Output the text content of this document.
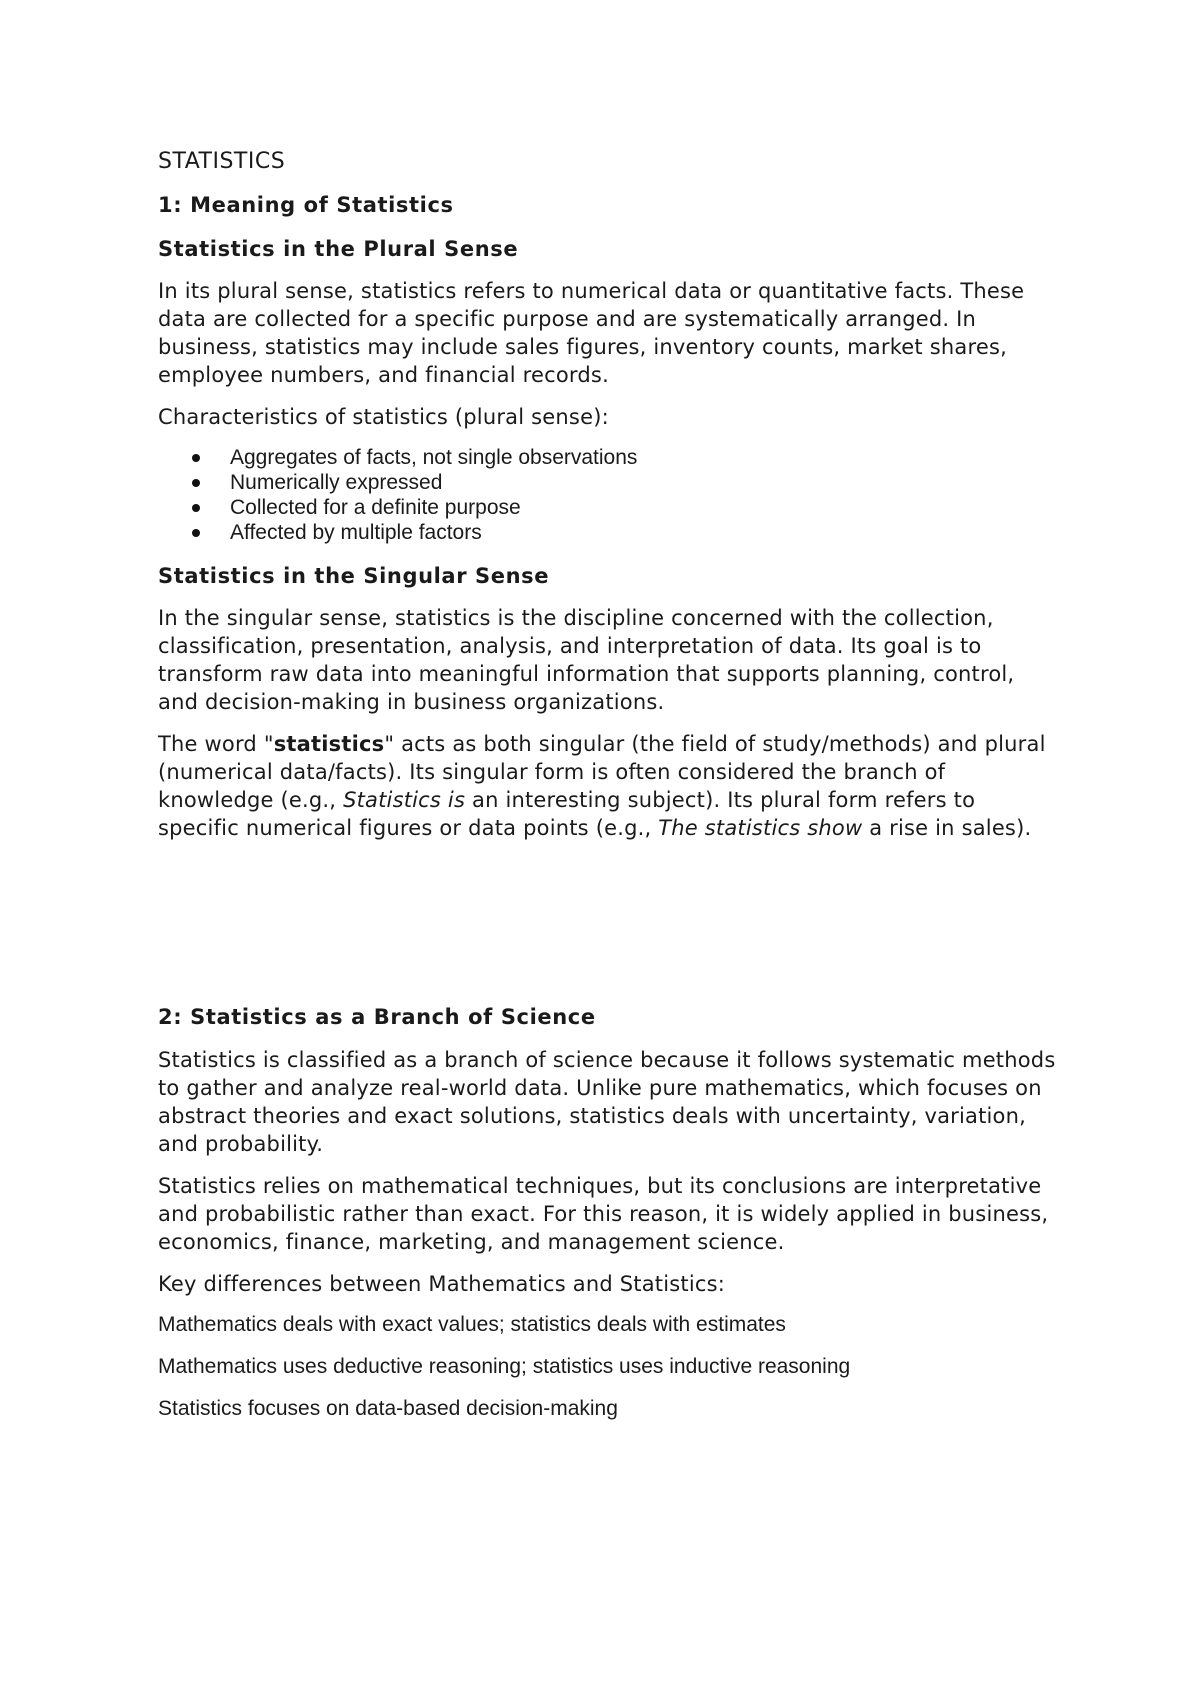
STATISTICS
1: Meaning of Statistics
Statistics in the Plural Sense

In its plural sense, statistics refers to numerical data or quantitative facts. These data are collected for a specific purpose and are systematically arranged. In business, statistics may include sales figures, inventory counts, market shares, employee numbers, and financial records.

Characteristics of statistics (plural sense):

Aggregates of facts, not single observations
Numerically expressed
Collected for a definite purpose
Affected by multiple factors
Statistics in the Singular Sense

In the singular sense, statistics is the discipline concerned with the collection, classification, presentation, analysis, and interpretation of data. Its goal is to transform raw data into meaningful information that supports planning, control, and decision-making in business organizations.

The word "statistics" acts as both singular (the field of study/methods) and plural (numerical data/facts). Its singular form is often considered the branch of knowledge (e.g., Statistics is an interesting subject). Its plural form refers to specific numerical figures or data points (e.g., The statistics show a rise in sales).

2: Statistics as a Branch of Science

Statistics is classified as a branch of science because it follows systematic methods to gather and analyze real-world data. Unlike pure mathematics, which focuses on abstract theories and exact solutions, statistics deals with uncertainty, variation, and probability.

Statistics relies on mathematical techniques, but its conclusions are interpretative and probabilistic rather than exact. For this reason, it is widely applied in business, economics, finance, marketing, and management science.

Key differences between Mathematics and Statistics:

Mathematics deals with exact values; statistics deals with estimates

Mathematics uses deductive reasoning; statistics uses inductive reasoning

Statistics focuses on data-based decision-making
